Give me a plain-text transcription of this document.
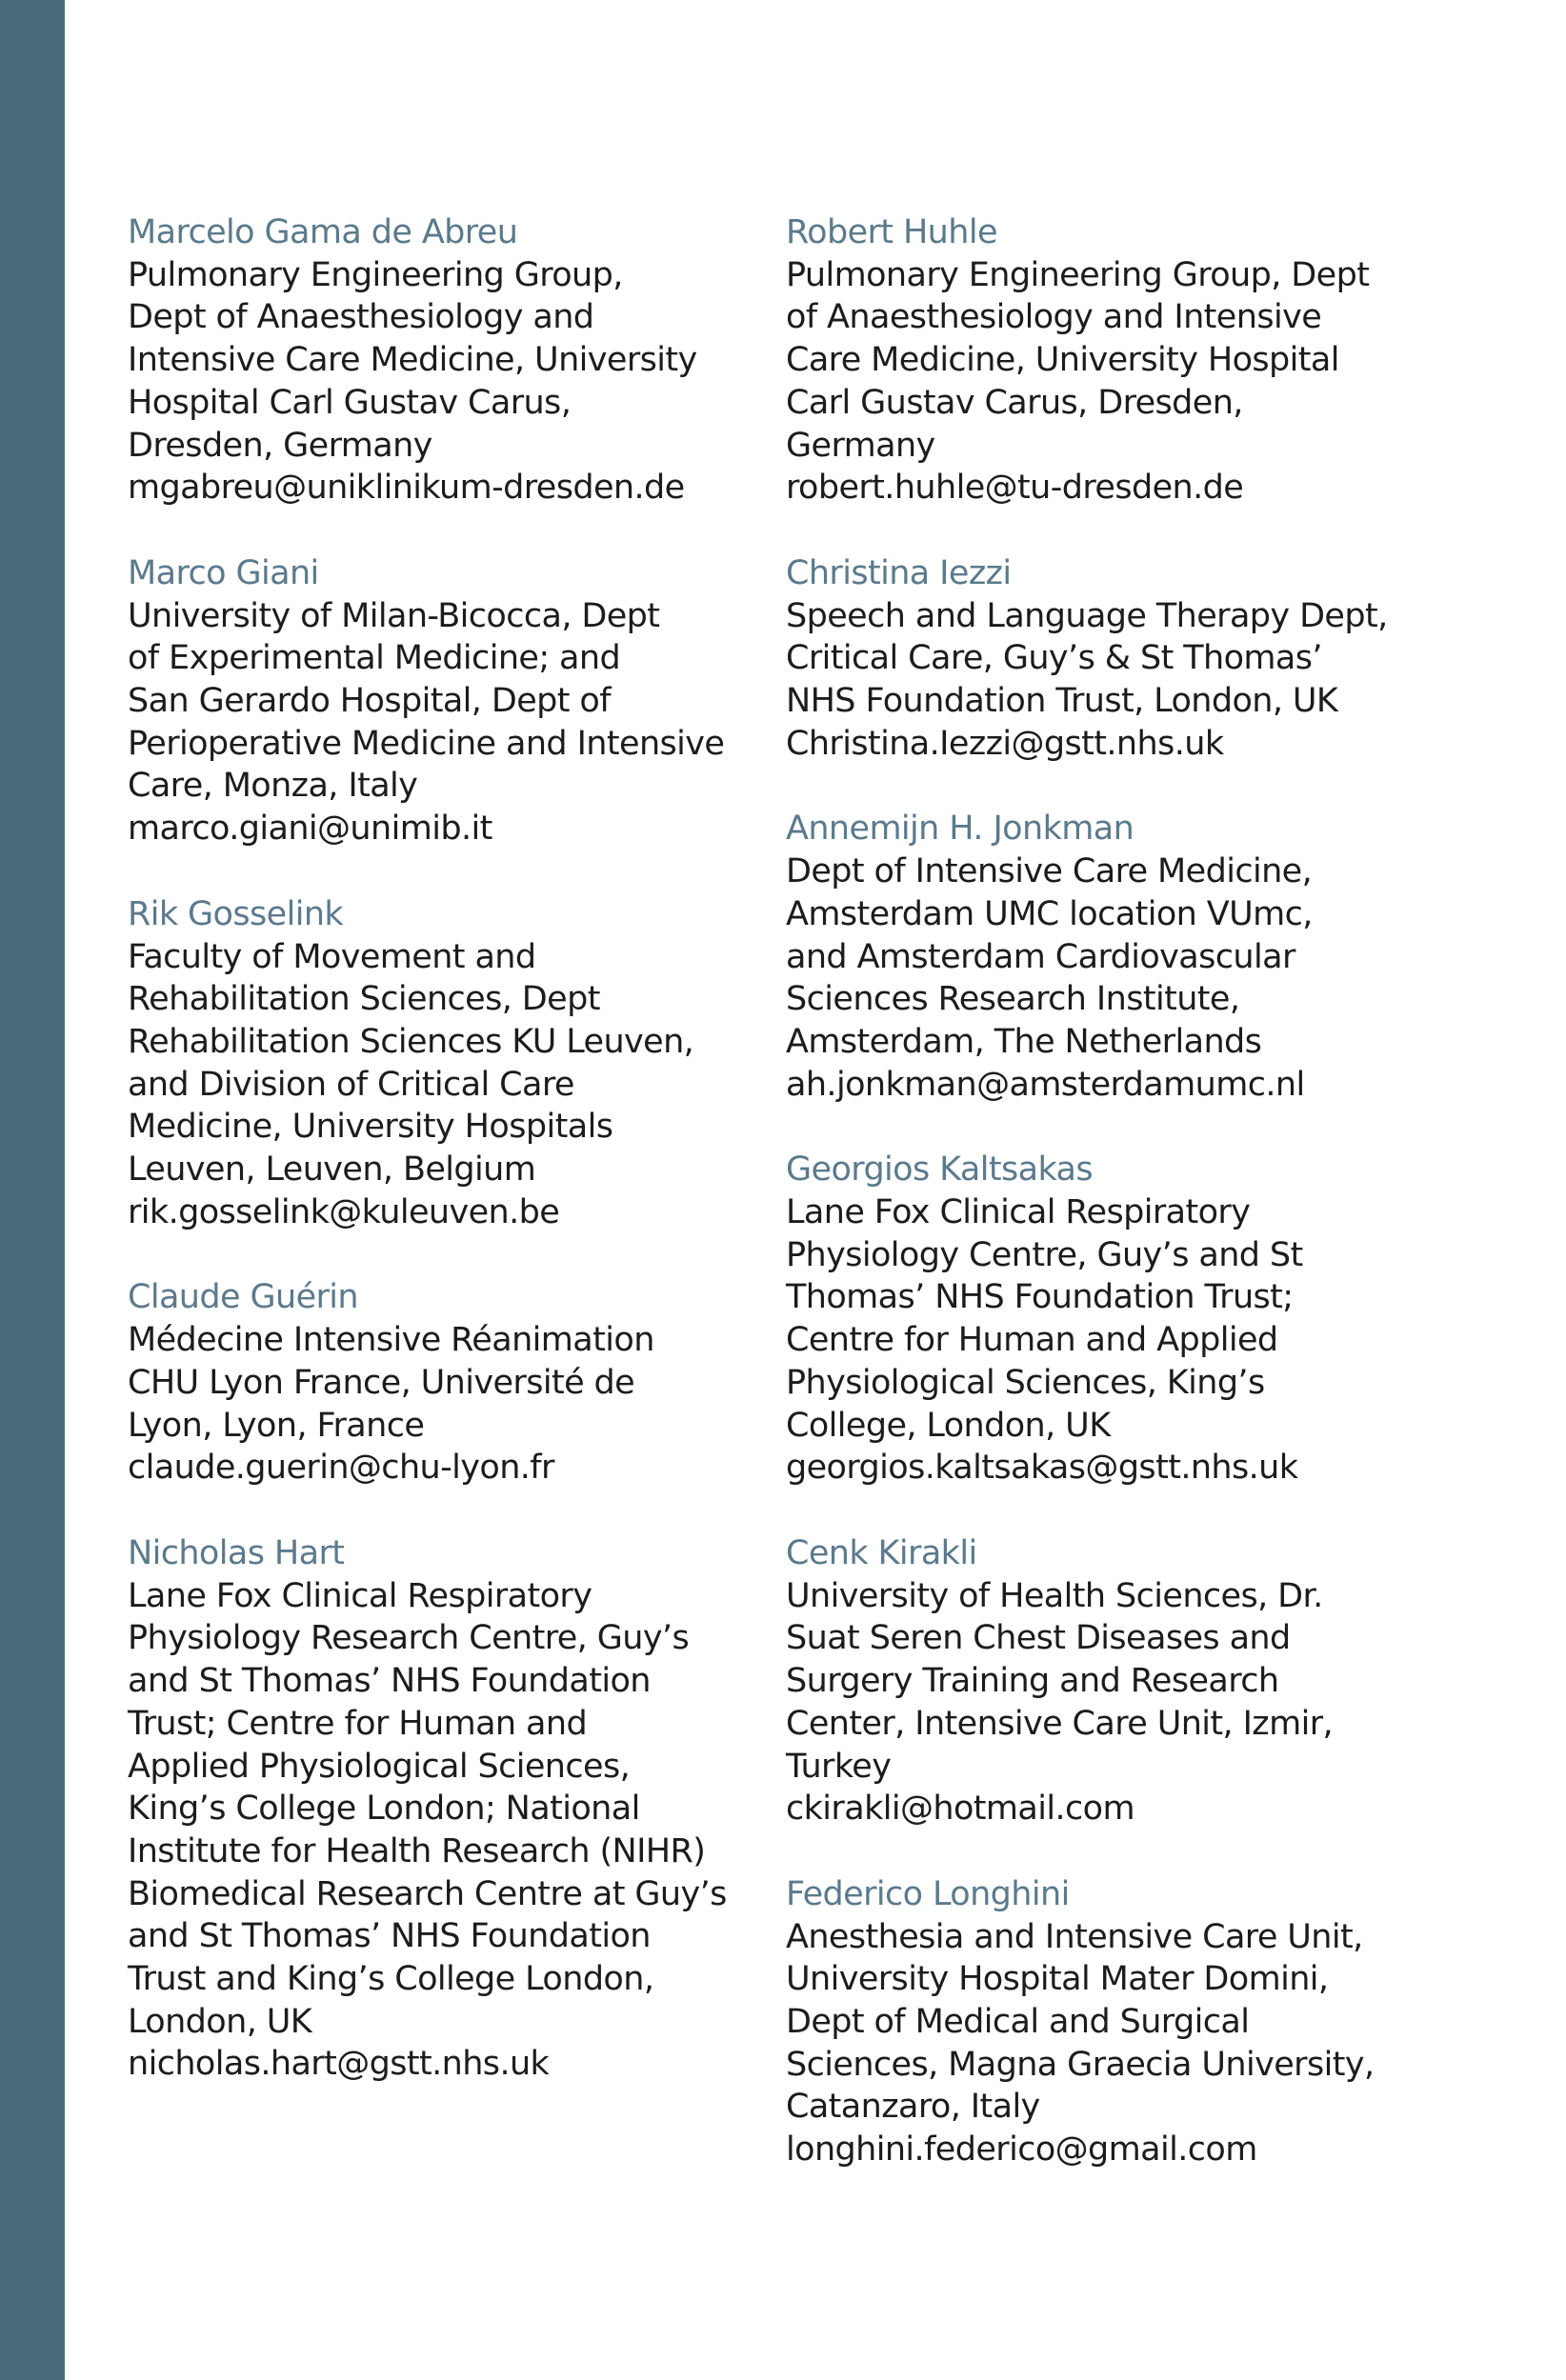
Marcelo Gama de Abreu
Pulmonary Engineering Group,
Dept of Anaesthesiology and
Intensive Care Medicine, University
Hospital Carl Gustav Carus,
Dresden, Germany
mgabreu@uniklinikum-dresden.de
Marco Giani
University of Milan-Bicocca, Dept
of Experimental Medicine; and
San Gerardo Hospital, Dept of
Perioperative Medicine and Intensive
Care, Monza, Italy
marco.giani@unimib.it
Rik Gosselink
Faculty of Movement and
Rehabilitation Sciences, Dept
Rehabilitation Sciences KU Leuven,
and Division of Critical Care
Medicine, University Hospitals
Leuven, Leuven, Belgium
rik.gosselink@kuleuven.be
Claude Guérin
Médecine Intensive Réanimation
CHU Lyon France, Université de
Lyon, Lyon, France
claude.guerin@chu-lyon.fr
Nicholas Hart
Lane Fox Clinical Respiratory
Physiology Research Centre, Guy’s
and St Thomas’ NHS Foundation
Trust; Centre for Human and
Applied Physiological Sciences,
King’s College London; National
Institute for Health Research (NIHR)
Biomedical Research Centre at Guy’s
and St Thomas’ NHS Foundation
Trust and King’s College London,
London, UK
nicholas.hart@gstt.nhs.uk
Robert Huhle
Pulmonary Engineering Group, Dept
of Anaesthesiology and Intensive
Care Medicine, University Hospital
Carl Gustav Carus, Dresden,
Germany
robert.huhle@tu-dresden.de
Christina Iezzi
Speech and Language Therapy Dept,
Critical Care, Guy’s & St Thomas’
NHS Foundation Trust, London, UK
Christina.Iezzi@gstt.nhs.uk
Annemijn H. Jonkman
Dept of Intensive Care Medicine,
Amsterdam UMC location VUmc,
and Amsterdam Cardiovascular
Sciences Research Institute,
Amsterdam, The Netherlands
ah.jonkman@amsterdamumc.nl
Georgios Kaltsakas
Lane Fox Clinical Respiratory
Physiology Centre, Guy’s and St
Thomas’ NHS Foundation Trust;
Centre for Human and Applied
Physiological Sciences, King’s
College, London, UK
georgios.kaltsakas@gstt.nhs.uk
Cenk Kirakli
University of Health Sciences, Dr.
Suat Seren Chest Diseases and
Surgery Training and Research
Center, Intensive Care Unit, Izmir,
Turkey
ckirakli@hotmail.com
Federico Longhini
Anesthesia and Intensive Care Unit,
University Hospital Mater Domini,
Dept of Medical and Surgical
Sciences, Magna Graecia University,
Catanzaro, Italy
longhini.federico@gmail.com
